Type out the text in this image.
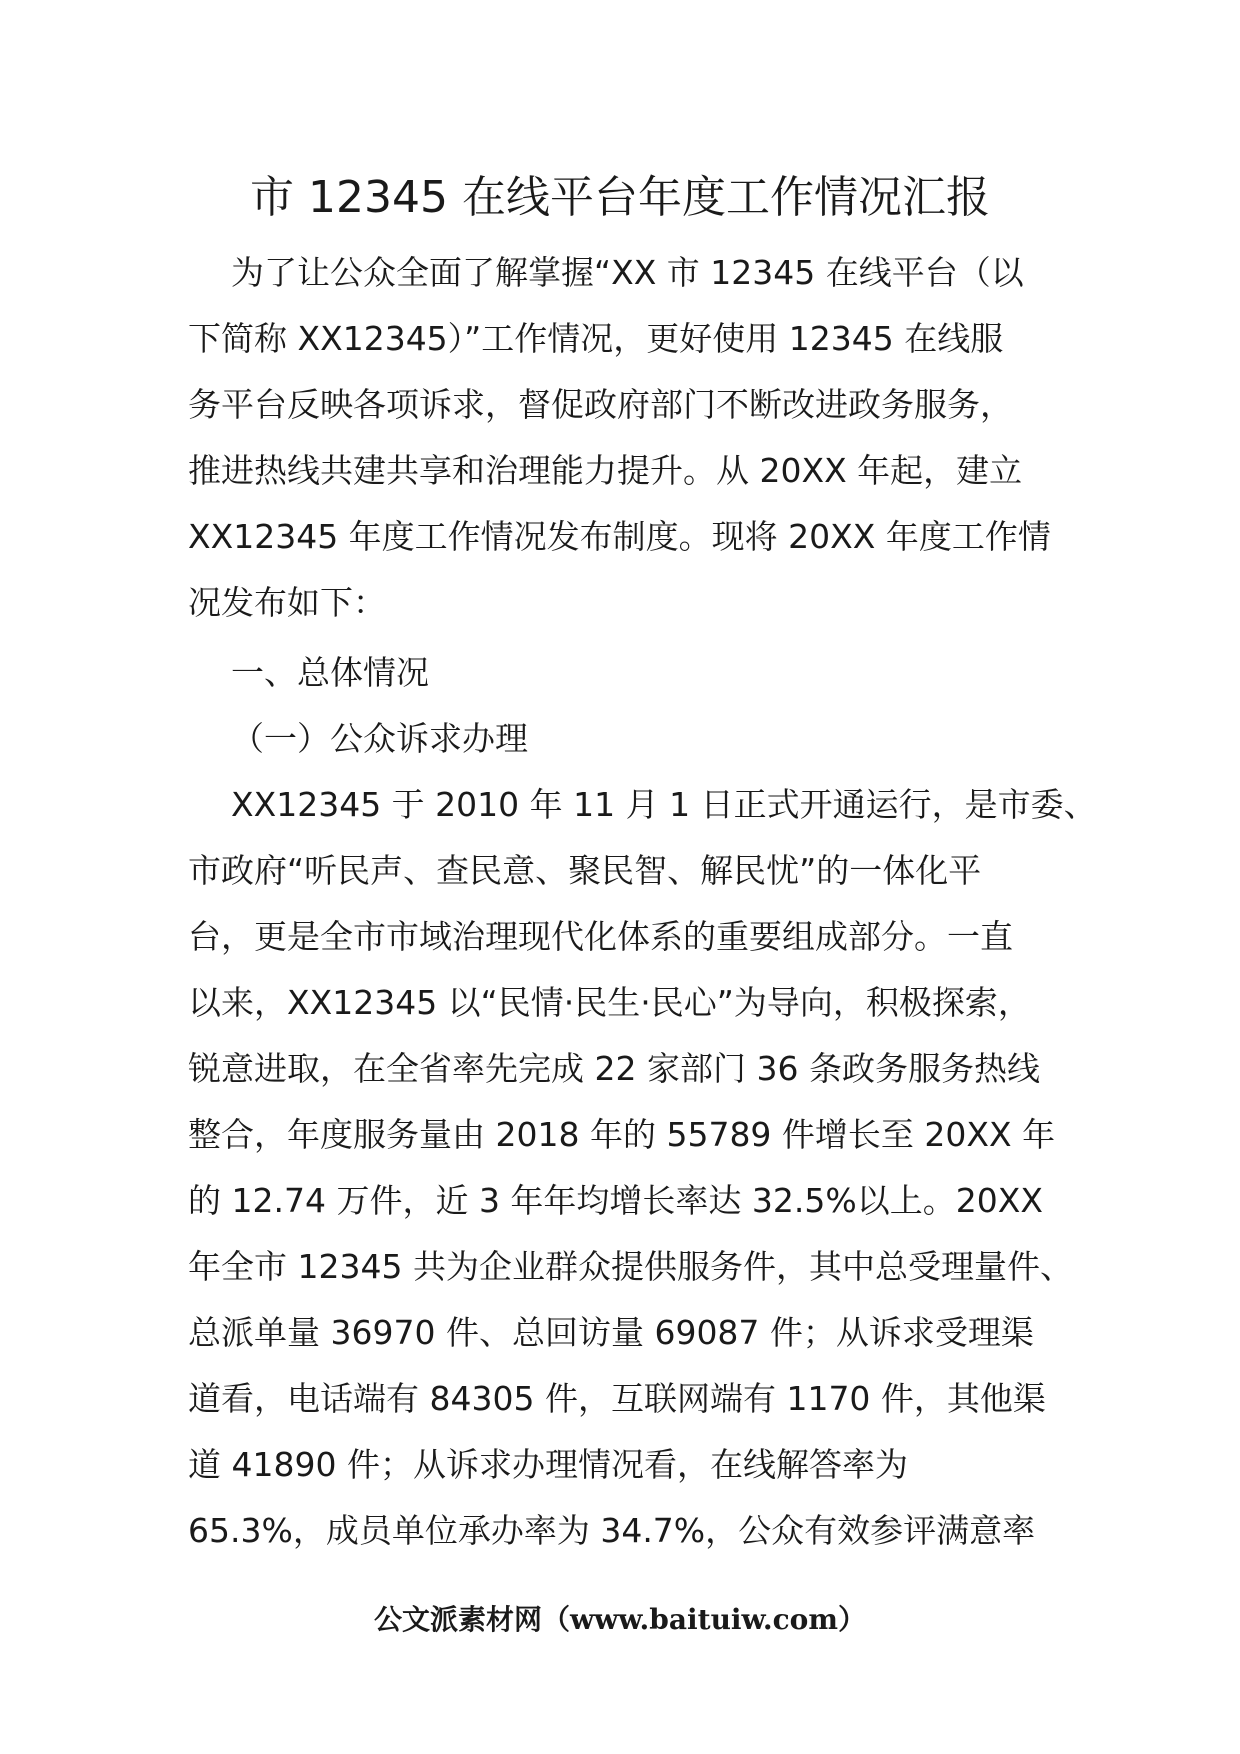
市 12345 在线平台年度工作情况汇报
为了让公众全面了解掌握“XX 市 12345 在线平台（以
下简称 XX12345）”工作情况，更好使用 12345 在线服
务平台反映各项诉求，督促政府部门不断改进政务服务，
推进热线共建共享和治理能力提升。从 20XX 年起，建立
XX12345 年度工作情况发布制度。现将 20XX 年度工作情
况发布如下：
一、总体情况
（一）公众诉求办理
XX12345 于 2010 年 11 月 1 日正式开通运行，是市委、
市政府“听民声、查民意、聚民智、解民忧”的一体化平
台，更是全市市域治理现代化体系的重要组成部分。一直
以来，XX12345 以“民情·民生·民心”为导向，积极探索，
锐意进取，在全省率先完成 22 家部门 36 条政务服务热线
整合，年度服务量由 2018 年的 55789 件增长至 20XX 年
的 12.74 万件，近 3 年年均增长率达 32.5%以上。20XX
年全市 12345 共为企业群众提供服务件，其中总受理量件、
总派单量 36970 件、总回访量 69087 件；从诉求受理渠
道看，电话端有 84305 件，互联网端有 1170 件，其他渠
道 41890 件；从诉求办理情况看，在线解答率为
65.3%，成员单位承办率为 34.7%，公众有效参评满意率
公文派素材网（www.baituiw.com）
